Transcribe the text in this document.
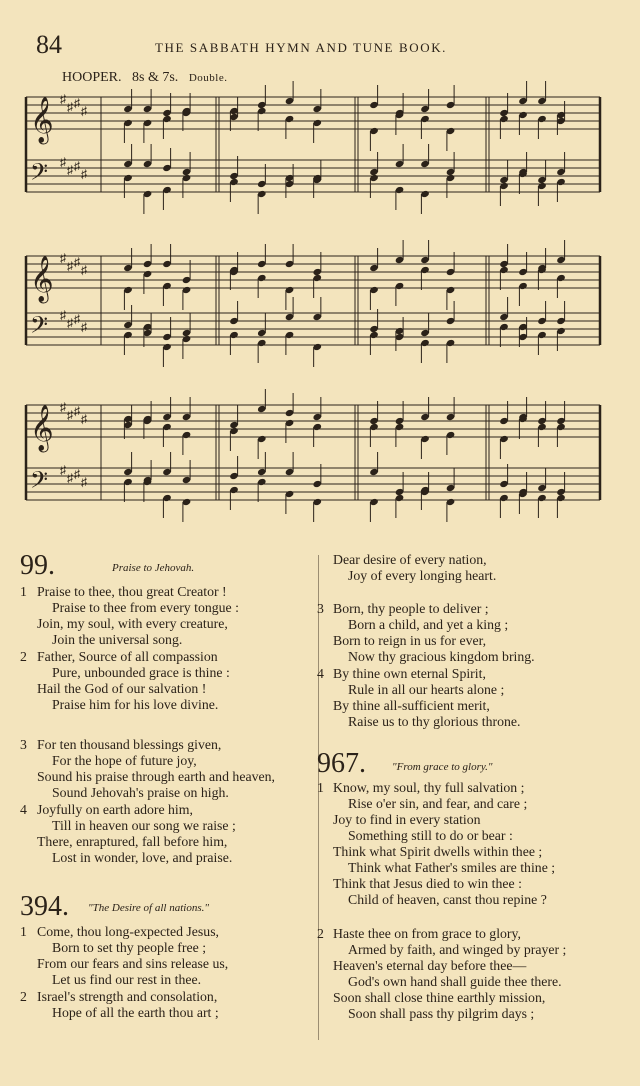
84	THE SABBATH HYMN AND TUNE BOOK.
HOOPER. 8s & 7s. Double.
𝄞 ♯
♯ ♯
♯
𝄢 ♯
♯ ♯
♯
𝄞 ♯
♯ ♯
♯
𝄢 ♯
♯ ♯
♯
𝄞 ♯
♯ ♯
♯
𝄢 ♯
♯ ♯
♯
99.	Praise to Jehovah.
1 Praise to thee, thou great Creator !
Praise to thee from every tongue :
Join, my soul, with every creature,
Join the universal song.
2 Father, Source of all compassion
Pure, unbounded grace is thine :
Hail the God of our salvation !
Praise him for his love divine.
3 For ten thousand blessings given,
For the hope of future joy,
Sound his praise through earth and heaven,
Sound Jehovah's praise on high.
4 Joyfully on earth adore him,
Till in heaven our song we raise ;
There, enraptured, fall before him,
Lost in wonder, love, and praise.
394. "The Desire of all nations."
1 Come, thou long-expected Jesus,
Born to set thy people free ;
From our fears and sins release us,
Let us find our rest in thee.
2 Israel's strength and consolation,
Hope of all the earth thou art ;
Dear desire of every nation,
Joy of every longing heart.
3 Born, thy people to deliver ;
Born a child, and yet a king ;
Born to reign in us for ever,
Now thy gracious kingdom bring.
4 By thine own eternal Spirit,
Rule in all our hearts alone ;
By thine all-sufficient merit,
Raise us to thy glorious throne.
967. "From grace to glory."
1 Know, my soul, thy full salvation ;
Rise o'er sin, and fear, and care ;
Joy to find in every station
Something still to do or bear :
Think what Spirit dwells within thee ;
Think what Father's smiles are thine ;
Think that Jesus died to win thee :
Child of heaven, canst thou repine ?
2 Haste thee on from grace to glory,
Armed by faith, and winged by prayer ;
Heaven's eternal day before thee—
God's own hand shall guide thee there.
Soon shall close thine earthly mission,
Soon shall pass thy pilgrim days ;
